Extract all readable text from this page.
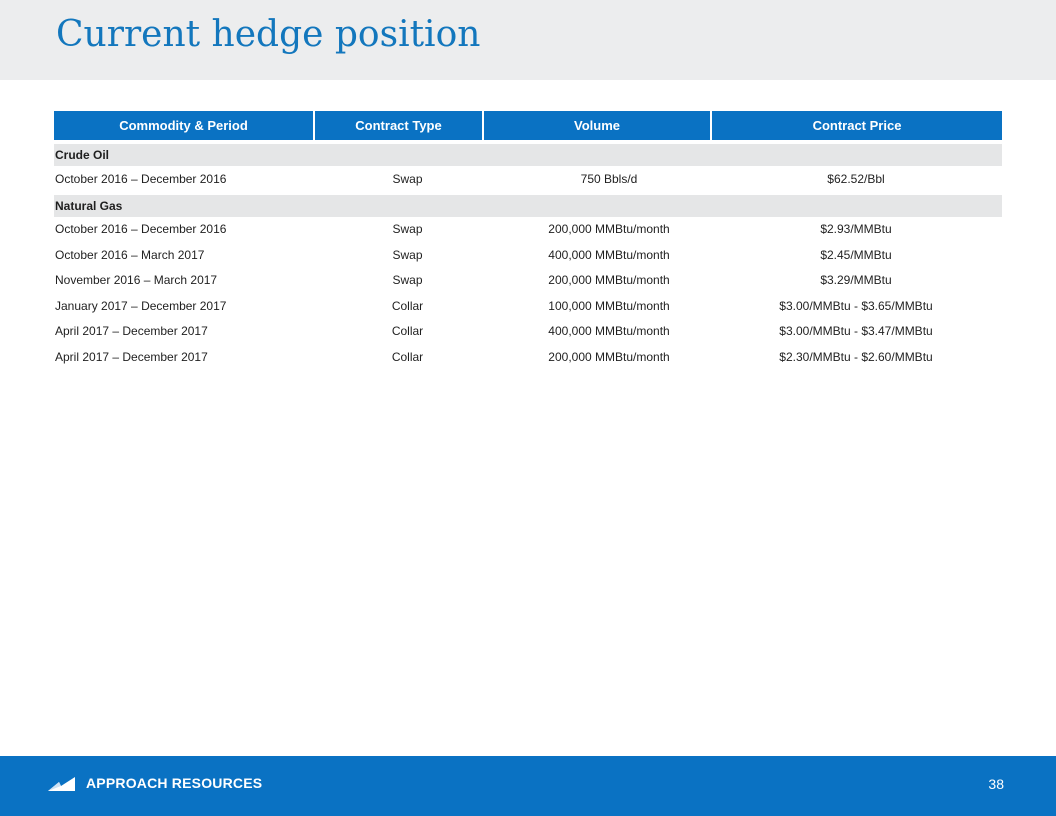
Current hedge position
Commodity & Period	Contract Type	Volume	Contract Price

Crude Oil			
October 2016 – December 2016	Swap	750 Bbls/d	$62.52/Bbl

Natural Gas			
October 2016 – December 2016	Swap	200,000 MMBtu/month	$2.93/MMBtu
October 2016 – March 2017	Swap	400,000 MMBtu/month	$2.45/MMBtu
November 2016 – March 2017	Swap	200,000 MMBtu/month	$3.29/MMBtu
January 2017 – December 2017	Collar	100,000 MMBtu/month	$3.00/MMBtu - $3.65/MMBtu
April 2017 – December 2017	Collar	400,000 MMBtu/month	$3.00/MMBtu - $3.47/MMBtu
April 2017 – December 2017	Collar	200,000 MMBtu/month	$2.30/MMBtu - $2.60/MMBtu
APPROACH RESOURCES	38
